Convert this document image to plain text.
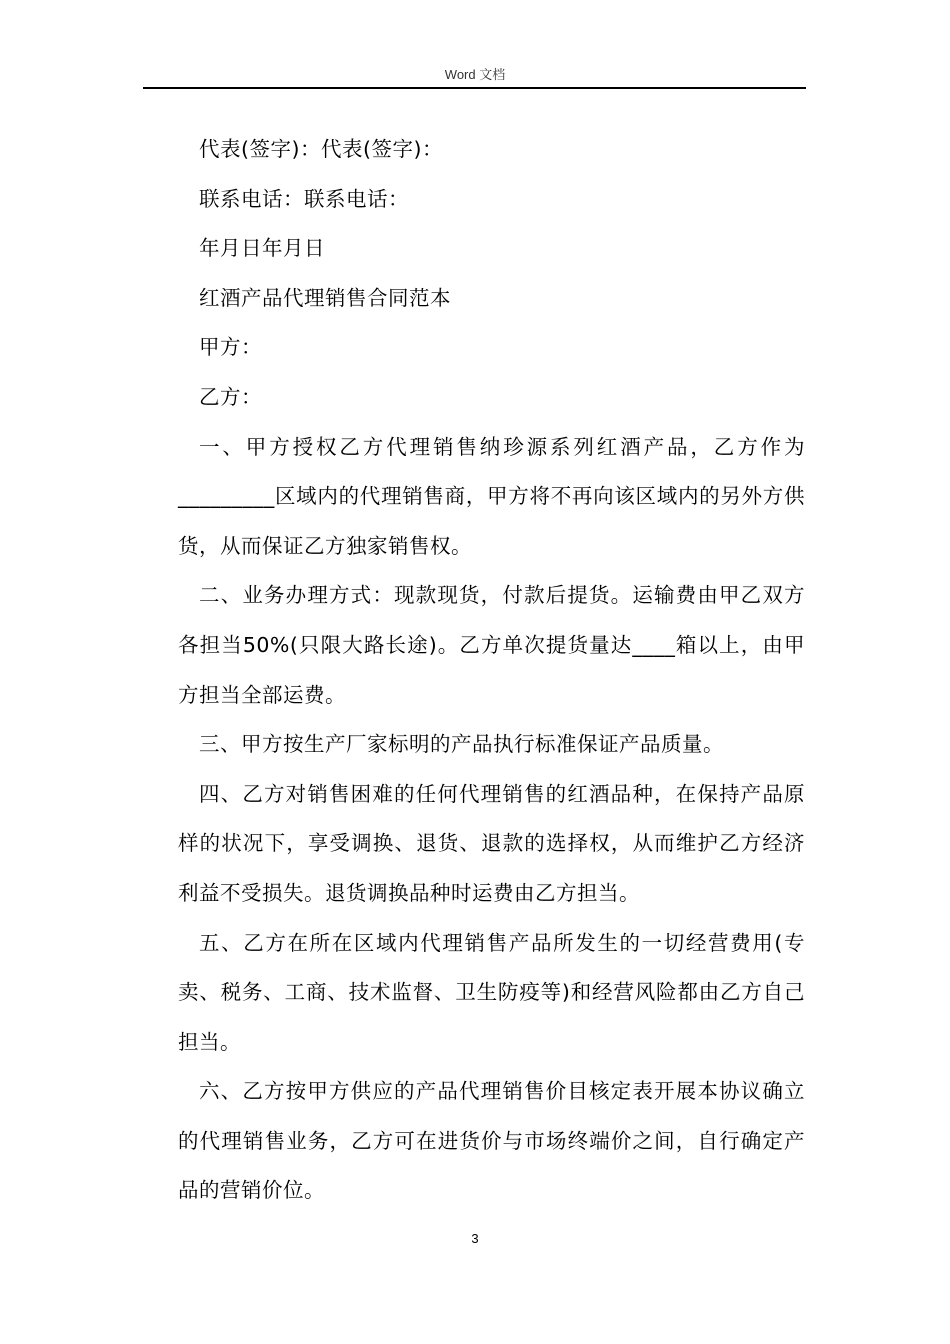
Word 文档

代表(签字)：代表(签字)：

联系电话：联系电话：

年月日年月日

红酒产品代理销售合同范本

甲方：

乙方：

一、甲方授权乙方代理销售纳珍源系列红酒产品，乙方作为_________区域内的代理销售商，甲方将不再向该区域内的另外方供货，从而保证乙方独家销售权。

二、业务办理方式：现款现货，付款后提货。运输费由甲乙双方各担当50%(只限大路长途)。乙方单次提货量达____箱以上，由甲方担当全部运费。

三、甲方按生产厂家标明的产品执行标准保证产品质量。

四、乙方对销售困难的任何代理销售的红酒品种，在保持产品原样的状况下，享受调换、退货、退款的选择权，从而维护乙方经济利益不受损失。退货调换品种时运费由乙方担当。

五、乙方在所在区域内代理销售产品所发生的一切经营费用(专卖、税务、工商、技术监督、卫生防疫等)和经营风险都由乙方自己担当。

六、乙方按甲方供应的产品代理销售价目核定表开展本协议确立的代理销售业务，乙方可在进货价与市场终端价之间，自行确定产品的营销价位。

3
